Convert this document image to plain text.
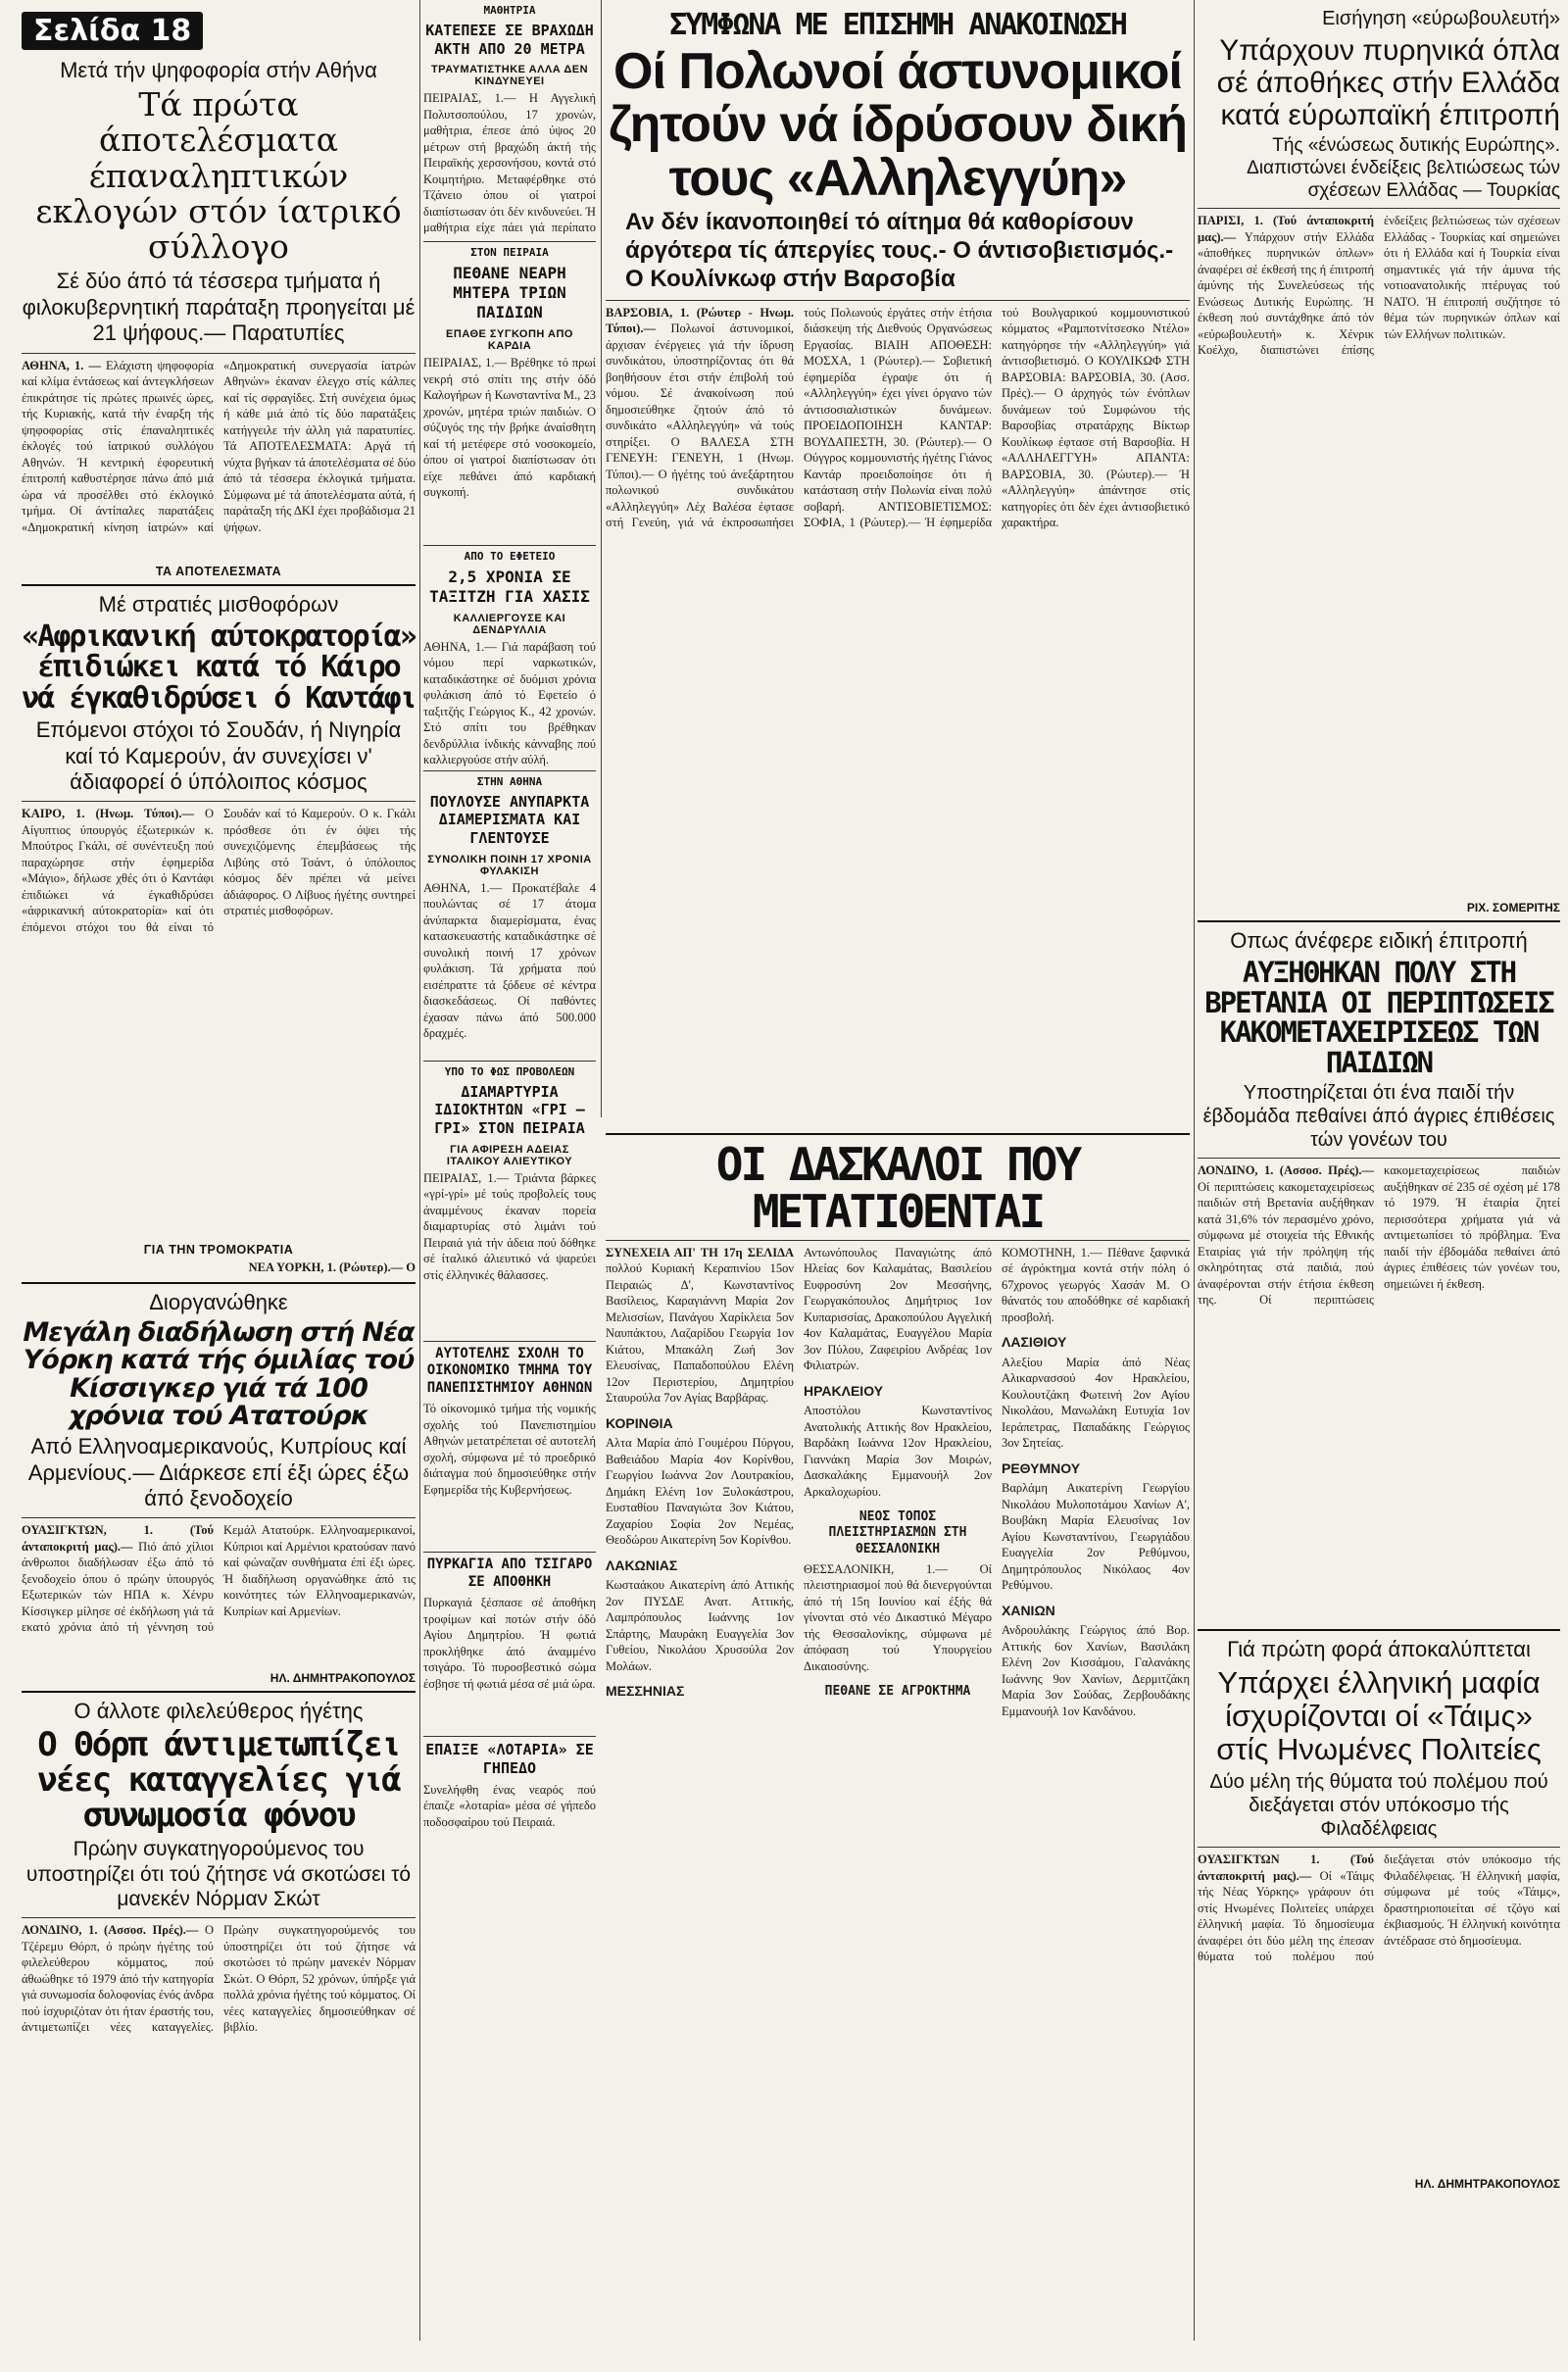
Σελίδα 18
Μετά τήν ψηφοφορία στήν Αθήνα
Τά πρώτα άποτελέσματα έπαναληπτικών εκλογών στόν ίατρικό σύλλογο
Σέ δύο άπό τά τέσσερα τμήματα ή φιλοκυβερνητική παράταξη προηγείται μέ 21 ψήφους.— Παρατυπίες

ΑΘΗΝΑ, 1. — Ελάχιστη ψηφοφορία καί κλίμα έντάσεως καί άντεγκλήσεων έπικράτησε τίς πρώτες πρωινές ώρες, τής Κυριακής, κατά τήν έναρξη τής ψηφοφορίας στίς έπαναληπτικές έκλογές τού ίατρικού συλλόγου Αθηνών. Ή κεντρική έφορευτική έπιτροπή καθυστέρησε πάνω άπό μιά ώρα νά προσέλθει στό έκλογικό τμήμα. Οί άντίπαλες παρατάξεις «Δημοκρατική κίνηση ίατρών» καί «Δημοκρατική συνεργασία ίατρών Αθηνών» έκαναν έλεγχο στίς κάλπες καί τίς σφραγίδες. Στή συνέχεια όμως ή κάθε μιά άπό τίς δύο παρατάξεις κατήγγειλε τήν άλλη γιά παρατυπίες. Τά ΑΠΟΤΕΛΕΣΜΑΤΑ: Αργά τή νύχτα βγήκαν τά άποτελέσματα σέ δύο άπό τά τέσσερα έκλογικά τμήματα. Σύμφωνα μέ τά άποτελέσματα αύτά, ή παράταξη τής ΔΚΙ έχει προβάδισμα 21 ψήφων.

ΤΑ ΑΠΟΤΕΛΕΣΜΑΤΑ
Μέ στρατιές μισθοφόρων
«Αφρικανική αύτοκρατορία» έπιδιώκει κατά τό Κάιρο νά έγκαθιδρύσει ό Καντάφι
Επόμενοι στόχοι τό Σουδάν, ή Νιγηρία καί τό Καμερούν, άν συνεχίσει ν' άδιαφορεί ό ύπόλοιπος κόσμος

ΚΑΙΡΟ, 1. (Ηνωμ. Τύποι).— Ο Αίγυπτιος ύπουργός έξωτερικών κ. Μπούτρος Γκάλι, σέ συνέντευξη πού παραχώρησε στήν έφημερίδα «Μάγιο», δήλωσε χθές ότι ό Καντάφι έπιδιώκει νά έγκαθιδρύσει «άφρικανική αύτοκρατορία» καί ότι έπόμενοι στόχοι του θά είναι τό Σουδάν καί τό Καμερούν. Ο κ. Γκάλι πρόσθεσε ότι έν όψει τής συνεχιζόμενης έπεμβάσεως τής Λιβύης στό Τσάντ, ό ύπόλοιπος κόσμος δέν πρέπει νά μείνει άδιάφορος. Ο Λίβυος ήγέτης συντηρεί στρατιές μισθοφόρων.

ΓΙΑ ΤΗΝ ΤΡΟΜΟΚΡΑΤΙΑ
ΝΕΑ ΥΟΡΚΗ, 1. (Ρώυτερ).— Ο
Διοργανώθηκε
Μεγάλη διαδήλωση στή Νέα Υόρκη κατά τής όμιλίας τού Κίσσιγκερ γιά τά 100 χρόνια τού Ατατούρκ
Από Ελληνοαμερικανούς, Κυπρίους καί Αρμενίους.— Διάρκεσε επί έξι ώρες έξω άπό ξενοδοχείο

ΟΥΑΣΙΓΚΤΩΝ, 1. (Τού άνταποκριτή μας).— Πιό άπό χίλιοι άνθρωποι διαδήλωσαν έξω άπό τό ξενοδοχείο όπου ό πρώην ύπουργός Εξωτερικών τών ΗΠΑ κ. Χένρυ Κίσσιγκερ μίλησε σέ έκδήλωση γιά τά εκατό χρόνια άπό τή γέννηση τού Κεμάλ Ατατούρκ. Ελληνοαμερικανοί, Κύπριοι καί Αρμένιοι κρατούσαν πανό καί φώναζαν συνθήματα έπί έξι ώρες. Ή διαδήλωση οργανώθηκε άπό τις κοινότητες τών Ελληνοαμερικανών, Κυπρίων καί Αρμενίων.

ΗΛ. ΔΗΜΗΤΡΑΚΟΠΟΥΛΟΣ
Ο άλλοτε φιλελεύθερος ήγέτης
Ο Θόρπ άντιμετωπίζει νέες καταγγελίες γιά συνωμοσία φόνου
Πρώην συγκατηγορούμενος του υποστηρίζει ότι τού ζήτησε νά σκοτώσει τό μανεκέν Νόρμαν Σκώτ

ΛΟΝΔΙΝΟ, 1. (Ασσοσ. Πρές).— Ο Τζέρεμυ Θόρπ, ό πρώην ήγέτης τού φιλελεύθερου κόμματος, πού άθωώθηκε τό 1979 άπό τήν κατηγορία γιά συνωμοσία δολοφονίας ένός άνδρα πού ίσχυριζόταν ότι ήταν έραστής του, άντιμετωπίζει νέες καταγγελίες. Πρώην συγκατηγορούμενός του ύποστηρίζει ότι τού ζήτησε νά σκοτώσει τό πρώην μανεκέν Νόρμαν Σκώτ. Ο Θόρπ, 52 χρόνων, ύπήρξε γιά πολλά χρόνια ήγέτης τού κόμματος. Οί νέες καταγγελίες δημοσιεύθηκαν σέ βιβλίο.

ΜΑΘΗΤΡΙΑ
ΚΑΤΕΠΕΣΕ ΣΕ ΒΡΑΧΩΔΗ ΑΚΤΗ ΑΠΟ 20 ΜΕΤΡΑ
ΤΡΑΥΜΑΤΙΣΤΗΚΕ ΑΛΛΑ ΔΕΝ ΚΙΝΔΥΝΕΥΕΙ

ΠΕΙΡΑΙΑΣ, 1.— Η Αγγελική Πολυτσοπούλου, 17 χρονών, μαθήτρια, έπεσε άπό ύψος 20 μέτρων στή βραχώδη άκτή τής Πειραϊκής χερσονήσου, κοντά στό Κοιμητήριο. Μεταφέρθηκε στό Τζάνειο όπου οί γιατροί διαπίστωσαν ότι δέν κινδυνεύει. Ή μαθήτρια είχε πάει γιά περίπατο

ΣΤΟΝ ΠΕΙΡΑΙΑ
ΠΕΘΑΝΕ ΝΕΑΡΗ ΜΗΤΕΡΑ ΤΡΙΩΝ ΠΑΙΔΙΩΝ
ΕΠΑΘΕ ΣΥΓΚΟΠΗ ΑΠΟ ΚΑΡΔΙΑ

ΠΕΙΡΑΙΑΣ, 1.— Βρέθηκε τό πρωί νεκρή στό σπίτι της στήν όδό Καλογήρων ή Κωνσταντίνα Μ., 23 χρονών, μητέρα τριών παιδιών. Ο σύζυγός της τήν βρήκε άναίσθητη καί τή μετέφερε στό νοσοκομείο, όπου οί γιατροί διαπίστωσαν ότι είχε πεθάνει άπό καρδιακή συγκοπή.

ΑΠΟ ΤΟ ΕΦΕΤΕΙΟ
2,5 ΧΡΟΝΙΑ ΣΕ ΤΑΞΙΤΖΗ ΓΙΑ ΧΑΣΙΣ
ΚΑΛΛΙΕΡΓΟΥΣΕ ΚΑΙ ΔΕΝΔΡΥΛΛΙΑ

ΑΘΗΝΑ, 1.— Γιά παράβαση τού νόμου περί ναρκωτικών, καταδικάστηκε σέ δυόμισι χρόνια φυλάκιση άπό τό Εφετείο ό ταξιτζής Γεώργιος Κ., 42 χρονών. Στό σπίτι του βρέθηκαν δενδρύλλια ίνδικής κάνναβης πού καλλιεργούσε στήν αύλή.

ΣΤΗΝ ΑΘΗΝΑ
ΠΟΥΛΟΥΣΕ ΑΝΥΠΑΡΚΤΑ ΔΙΑΜΕΡΙΣΜΑΤΑ ΚΑΙ ΓΛΕΝΤΟΥΣΕ
ΣΥΝΟΛΙΚΗ ΠΟΙΝΗ 17 ΧΡΟΝΙΑ ΦΥΛΑΚΙΣΗ

ΑΘΗΝΑ, 1.— Προκατέβαλε 4 πουλώντας σέ 17 άτομα άνύπαρκτα διαμερίσματα, ένας κατασκευαστής καταδικάστηκε σέ συνολική ποινή 17 χρόνων φυλάκιση. Τά χρήματα πού εισέπραττε τά ξόδευε σέ κέντρα διασκεδάσεως. Οί παθόντες έχασαν πάνω άπό 500.000 δραχμές.

ΥΠΟ ΤΟ ΦΩΣ ΠΡΟΒΟΛΕΩΝ
ΔΙΑΜΑΡΤΥΡΙΑ ΙΔΙΟΚΤΗΤΩΝ «ΓΡΙ — ΓΡΙ» ΣΤΟΝ ΠΕΙΡΑΙΑ
ΓΙΑ ΑΦΙΡΕΣΗ ΑΔΕΙΑΣ ΙΤΑΛΙΚΟΥ ΑΛΙΕΥΤΙΚΟΥ

ΠΕΙΡΑΙΑΣ, 1.— Τριάντα βάρκες «γρί-γρί» μέ τούς προβολείς τους άναμμένους έκαναν πορεία διαμαρτυρίας στό λιμάνι τού Πειραιά γιά τήν άδεια πού δόθηκε σέ ίταλικό άλιευτικό νά ψαρεύει στίς έλληνικές θάλασσες.

ΑΥΤΟΤΕΛΗΣ ΣΧΟΛΗ ΤΟ ΟΙΚΟΝΟΜΙΚΟ ΤΜΗΜΑ ΤΟΥ ΠΑΝΕΠΙΣΤΗΜΙΟΥ ΑΘΗΝΩΝ

Τό οίκονομικό τμήμα τής νομικής σχολής τού Πανεπιστημίου Αθηνών μετατρέπεται σέ αυτοτελή σχολή, σύμφωνα μέ τό προεδρικό διάταγμα πού δημοσιεύθηκε στήν Εφημερίδα τής Κυβερνήσεως.

ΠΥΡΚΑΓΙΑ ΑΠΟ ΤΣΙΓΑΡΟ ΣΕ ΑΠΟΘΗΚΗ

Πυρκαγιά ξέσπασε σέ άποθήκη τροφίμων καί ποτών στήν όδό Αγίου Δημητρίου. Ή φωτιά προκλήθηκε άπό άναμμένο τσιγάρο. Τό πυροσβεστικό σώμα έσβησε τή φωτιά μέσα σέ μιά ώρα.

ΕΠΑΙΞΕ «ΛΟΤΑΡΙΑ» ΣΕ ΓΗΠΕΔΟ

Συνελήφθη ένας νεαρός πού έπαιζε «λοταρία» μέσα σέ γήπεδο ποδοσφαίρου τού Πειραιά.

ΣΥΜΦΩΝΑ ΜΕ ΕΠΙΣΗΜΗ ΑΝΑΚΟΙΝΩΣΗ
Οί Πολωνοί άστυνομικοί ζητούν νά ίδρύσουν δική τους «Αλληλεγγύη»
Αν δέν ίκανοποιηθεί τό αίτημα θά καθορίσουν άργότερα τίς άπεργίες τους.- Ο άντισοβιετισμός.- Ο Κουλίνκωφ στήν Βαρσοβία

ΒΑΡΣΟΒΙΑ, 1. (Ρώυτερ - Ηνωμ. Τύποι).— Πολωνοί άστυνομικοί, άρχισαν ένέργειες γιά τήν ίδρυση συνδικάτου, ύποστηρίζοντας ότι θά βοηθήσουν έτσι στήν έπιβολή τού νόμου. Σέ άνακοίνωση πού δημοσιεύθηκε ζητούν άπό τό συνδικάτο «Αλληλεγγύη» νά τούς στηρίξει. Ο ΒΑΛΕΣΑ ΣΤΗ ΓΕΝΕΥΗ: ΓΕΝΕΥΗ, 1 (Ηνωμ. Τύποι).— Ο ήγέτης τού άνεξάρτητου πολωνικού συνδικάτου «Αλληλεγγύη» Λέχ Βαλέσα έφτασε στή Γενεύη, γιά νά έκπροσωπήσει τούς Πολωνούς έργάτες στήν έτήσια διάσκεψη τής Διεθνούς Οργανώσεως Εργασίας. ΒΙΑΙΗ ΑΠΟΘΕΣΗ: ΜΟΣΧΑ, 1 (Ρώυτερ).— Σοβιετική έφημερίδα έγραψε ότι ή «Αλληλεγγύη» έχει γίνει όργανο τών άντισοσιαλιστικών δυνάμεων. ΠΡΟΕΙΔΟΠΟΙΗΣΗ ΚΑΝΤΑΡ: ΒΟΥΔΑΠΕΣΤΗ, 30. (Ρώυτερ).— Ο Ούγγρος κομμουνιστής ήγέτης Γιάνος Καντάρ προειδοποίησε ότι ή κατάσταση στήν Πολωνία είναι πολύ σοβαρή. ΑΝΤΙΣΟΒΙΕΤΙΣΜΟΣ: ΣΟΦΙΑ, 1 (Ρώυτερ).— Ή έφημερίδα τού Βουλγαρικού κομμουνιστικού κόμματος «Ραμποτνίτσεσκο Ντέλο» κατηγόρησε τήν «Αλληλεγγύη» γιά άντισοβιετισμό. Ο ΚΟΥΛΙΚΩΦ ΣΤΗ ΒΑΡΣΟΒΙΑ: ΒΑΡΣΟΒΙΑ, 30. (Ασσ. Πρές).— Ο άρχηγός τών ένόπλων δυνάμεων τού Συμφώνου τής Βαρσοβίας στρατάρχης Βίκτωρ Κουλίκωφ έφτασε στή Βαρσοβία. Η «ΑΛΛΗΛΕΓΓΥΗ» ΑΠΑΝΤΑ: ΒΑΡΣΟΒΙΑ, 30. (Ρώυτερ).— Ή «Αλληλεγγύη» άπάντησε στίς κατηγορίες ότι δέν έχει άντισοβιετικό χαρακτήρα.

ΟΙ ΔΑΣΚΑΛΟΙ ΠΟΥ ΜΕΤΑΤΙΘΕΝΤΑΙ
ΣΥΝΕΧΕΙΑ ΑΠ' ΤΗ 17η ΣΕΛΙΔΑ πολλού Κυριακή Κεραπινίου 15ον Πειραιώς Δ', Κωνσταντίνος Βασίλειος, Καραγιάννη Μαρία 2ον Μελισσίων, Πανάγου Χαρίκλεια 5ον Ναυπάκτου, Λαζαρίδου Γεωργία 1ον Κιάτου, Μπακάλη Ζωή 3ον Ελευσίνας, Παπαδοπούλου Ελένη 12ον Περιστερίου, Δημητρίου Σταυρούλα 7ον Αγίας Βαρβάρας.
ΚΟΡΙΝΘΙΑ
Αλτα Μαρία άπό Γουμέρου Πύργου, Βαθειάδου Μαρία 4ον Κορίνθου, Γεωργίου Ιωάννα 2ον Λουτρακίου, Δημάκη Ελένη 1ον Ξυλοκάστρου, Ευσταθίου Παναγιώτα 3ον Κιάτου, Ζαχαρίου Σοφία 2ον Νεμέας, Θεοδώρου Αικατερίνη 5ον Κορίνθου.
ΛΑΚΩΝΙΑΣ
Κωσταάκου Αικατερίνη άπό Αττικής 2ον ΠΥΣΔΕ Ανατ. Αττικής, Λαμπρόπουλος Ιωάννης 1ον Σπάρτης, Μαυράκη Ευαγγελία 3ον Γυθείου, Νικολάου Χρυσούλα 2ον Μολάων.
ΜΕΣΣΗΝΙΑΣ
Αντωνόπουλος Παναγιώτης άπό Ηλείας 6ον Καλαμάτας, Βασιλείου Ευφροσύνη 2ον Μεσσήνης, Γεωργακόπουλος Δημήτριος 1ον Κυπαρισσίας, Δρακοπούλου Αγγελική 4ον Καλαμάτας, Ευαγγέλου Μαρία 3ον Πύλου, Ζαφειρίου Ανδρέας 1ον Φιλιατρών.
ΗΡΑΚΛΕΙΟΥ
Αποστόλου Κωνσταντίνος Ανατολικής Αττικής 8ον Ηρακλείου, Βαρδάκη Ιωάννα 12ον Ηρακλείου, Γιαννάκη Μαρία 3ον Μοιρών, Δασκαλάκης Εμμανουήλ 2ον Αρκαλοχωρίου.
ΝΕΟΣ ΤΟΠΟΣ ΠΛΕΙΣΤΗΡΙΑΣΜΩΝ ΣΤΗ ΘΕΣΣΑΛΟΝΙΚΗ
ΘΕΣΣΑΛΟΝΙΚΗ, 1.— Οί πλειστηριασμοί πού θά διενεργούνται άπό τή 15η Ιουνίου καί έξής θά γίνονται στό νέο Δικαστικό Μέγαρο τής Θεσσαλονίκης, σύμφωνα μέ άπόφαση τού Υπουργείου Δικαιοσύνης.
ΠΕΘΑΝΕ ΣΕ ΑΓΡΟΚΤΗΜΑ
ΚΟΜΟΤΗΝΗ, 1.— Πέθανε ξαφνικά σέ άγρόκτημα κοντά στήν πόλη ό 67χρονος γεωργός Χασάν Μ. Ο θάνατός του αποδόθηκε σέ καρδιακή προσβολή.
ΛΑΣΙΘΙΟΥ
Αλεξίου Μαρία άπό Νέας Αλικαρνασσού 4ον Ηρακλείου, Κουλουτζάκη Φωτεινή 2ον Αγίου Νικολάου, Μανωλάκη Ευτυχία 1ον Ιεράπετρας, Παπαδάκης Γεώργιος 3ον Σητείας.
ΡΕΘΥΜΝΟΥ
Βαρλάμη Αικατερίνη Γεωργίου Νικολάου Μυλοποτάμου Χανίων Α', Βουβάκη Μαρία Ελευσίνας 1ον Αγίου Κωνσταντίνου, Γεωργιάδου Ευαγγελία 2ον Ρεθύμνου, Δημητρόπουλος Νικόλαος 4ον Ρεθύμνου.
ΧΑΝΙΩΝ
Ανδρουλάκης Γεώργιος άπό Βορ. Αττικής 6ον Χανίων, Βασιλάκη Ελένη 2ον Κισσάμου, Γαλανάκης Ιωάννης 9ον Χανίων, Δερμιτζάκη Μαρία 3ον Σούδας, Ζερβουδάκης Εμμανουήλ 1ον Κανδάνου.
Εισήγηση «εύρωβουλευτή»
Υπάρχουν πυρηνικά όπλα σέ άποθήκες στήν Ελλάδα κατά εύρωπαϊκή έπιτροπή
Τής «ένώσεως δυτικής Ευρώπης». Διαπιστώνει ένδείξεις βελτιώσεως τών σχέσεων Ελλάδας — Τουρκίας

ΠΑΡΙΣΙ, 1. (Τού άνταποκριτή μας).— Υπάρχουν στήν Ελλάδα «άποθήκες πυρηνικών όπλων» άναφέρει σέ έκθεσή της ή έπιτροπή άμύνης τής Συνελεύσεως τής Ενώσεως Δυτικής Ευρώπης. Ή έκθεση πού συντάχθηκε άπό τόν «εύρωβουλευτή» κ. Χένρικ Κοέλχο, διαπιστώνει έπίσης ένδείξεις βελτιώσεως τών σχέσεων Ελλάδας - Τουρκίας καί σημειώνει ότι ή Ελλάδα καί ή Τουρκία είναι σημαντικές γιά τήν άμυνα τής νοτιοανατολικής πτέρυγας τού ΝΑΤΟ. Ή έπιτροπή συζήτησε τό θέμα τών πυρηνικών όπλων καί τών Ελλήνων πολιτικών.

ΡΙΧ. ΣΟΜΕΡΙΤΗΣ
Οπως άνέφερε ειδική έπιτροπή
ΑΥΞΗΘΗΚΑΝ ΠΟΛΥ ΣΤΗ ΒΡΕΤΑΝΙΑ ΟΙ ΠΕΡΙΠΤΩΣΕΙΣ ΚΑΚΟΜΕΤΑΧΕΙΡΙΣΕΩΣ ΤΩΝ ΠΑΙΔΙΩΝ
Υποστηρίζεται ότι ένα παιδί τήν έβδομάδα πεθαίνει άπό άγριες έπιθέσεις τών γονέων του

ΛΟΝΔΙΝΟ, 1. (Ασσοσ. Πρές).— Οί περιπτώσεις κακομεταχειρίσεως παιδιών στή Βρετανία αυξήθηκαν κατά 31,6% τόν περασμένο χρόνο, σύμφωνα μέ στοιχεία τής Εθνικής Εταιρίας γιά τήν πρόληψη τής σκληρότητας στά παιδιά, πού άναφέρονται στήν έτήσια έκθεση της. Οί περιπτώσεις κακομεταχειρίσεως παιδιών αυξήθηκαν σέ 235 σέ σχέση μέ 178 τό 1979. Ή έταιρία ζητεί περισσότερα χρήματα γιά νά αντιμετωπίσει τό πρόβλημα. Ένα παιδί τήν έβδομάδα πεθαίνει άπό άγριες έπιθέσεις τών γονέων του, σημειώνει ή έκθεση.

Γιά πρώτη φορά άποκαλύπτεται
Υπάρχει έλληνική μαφία ίσχυρίζονται οί «Τάιμς» στίς Ηνωμένες Πολιτείες
Δύο μέλη τής θύματα τού πολέμου πού διεξάγεται στόν υπόκοσμο τής Φιλαδέλφειας

ΟΥΑΣΙΓΚΤΩΝ 1. (Τού άνταποκριτή μας).— Οί «Τάιμς τής Νέας Υόρκης» γράφουν ότι στίς Ηνωμένες Πολιτείες υπάρχει έλληνική μαφία. Τό δημοσίευμα άναφέρει ότι δύο μέλη της έπεσαν θύματα τού πολέμου πού διεξάγεται στόν υπόκοσμο τής Φιλαδέλφειας. Ή έλληνική μαφία, σύμφωνα μέ τούς «Τάιμς», δραστηριοποιείται σέ τζόγο καί έκβιασμούς. Ή έλληνική κοινότητα άντέδρασε στό δημοσίευμα.

ΗΛ. ΔΗΜΗΤΡΑΚΟΠΟΥΛΟΣ
